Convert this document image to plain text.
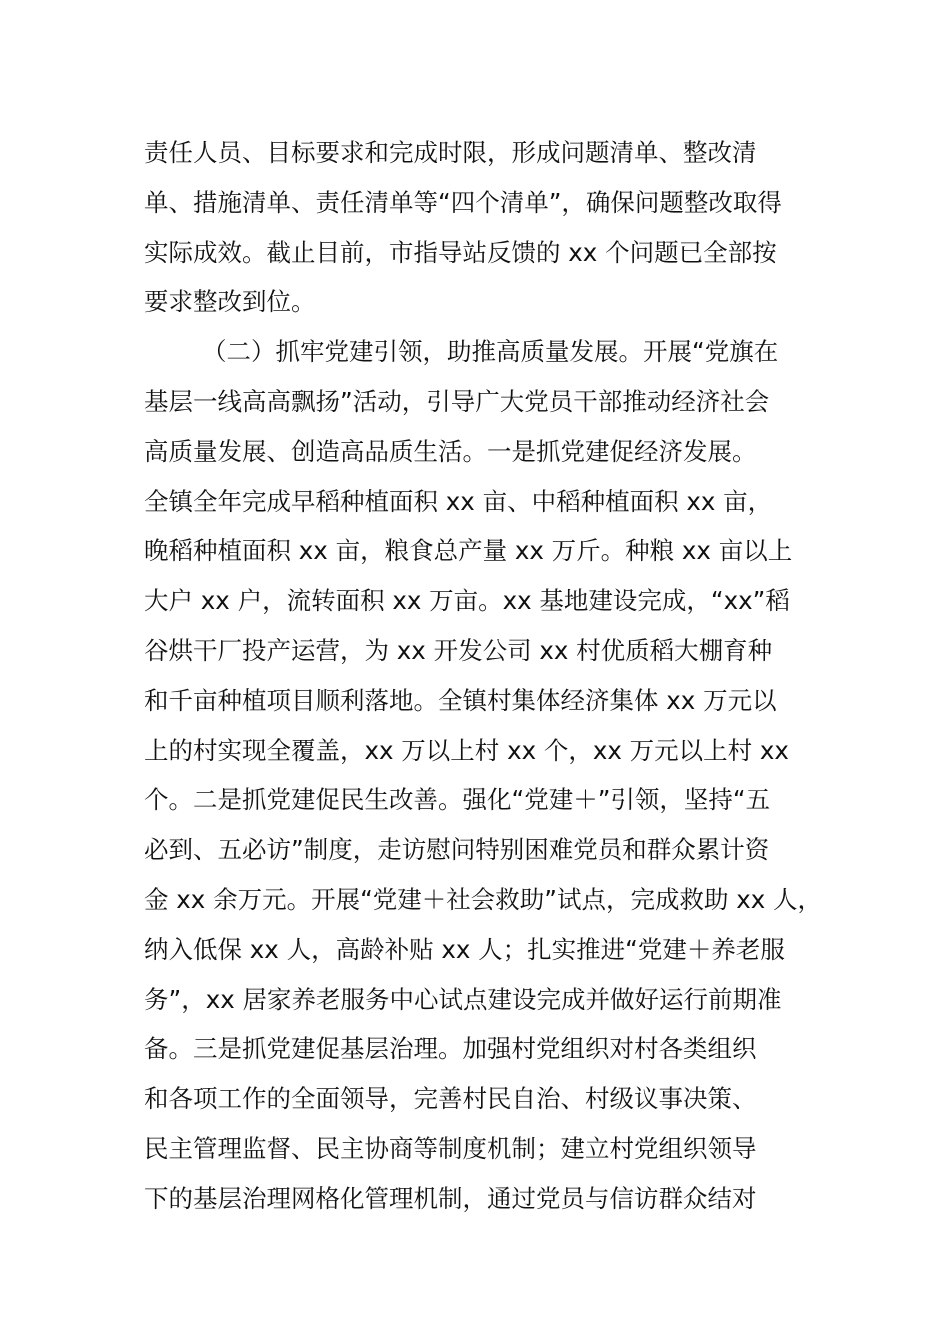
责任人员、目标要求和完成时限，形成问题清单、整改清
单、措施清单、责任清单等“四个清单”，确保问题整改取得
实际成效。截止目前，市指导站反馈的 xx 个问题已全部按
要求整改到位。
（二）抓牢党建引领，助推高质量发展。开展“党旗在
基层一线高高飘扬”活动，引导广大党员干部推动经济社会
高质量发展、创造高品质生活。一是抓党建促经济发展。
全镇全年完成早稻种植面积 xx 亩、中稻种植面积 xx 亩，
晚稻种植面积 xx 亩，粮食总产量 xx 万斤。种粮 xx 亩以上
大户 xx 户，流转面积 xx 万亩。xx 基地建设完成，“xx”稻
谷烘干厂投产运营，为 xx 开发公司 xx 村优质稻大棚育种
和千亩种植项目顺利落地。全镇村集体经济集体 xx 万元以
上的村实现全覆盖，xx 万以上村 xx 个，xx 万元以上村 xx
个。二是抓党建促民生改善。强化“党建＋”引领，坚持“五
必到、五必访”制度，走访慰问特别困难党员和群众累计资
金 xx 余万元。开展“党建＋社会救助”试点，完成救助 xx 人，
纳入低保 xx 人，高龄补贴 xx 人；扎实推进“党建＋养老服
务”，xx 居家养老服务中心试点建设完成并做好运行前期准
备。三是抓党建促基层治理。加强村党组织对村各类组织
和各项工作的全面领导，完善村民自治、村级议事决策、
民主管理监督、民主协商等制度机制；建立村党组织领导
下的基层治理网格化管理机制，通过党员与信访群众结对
